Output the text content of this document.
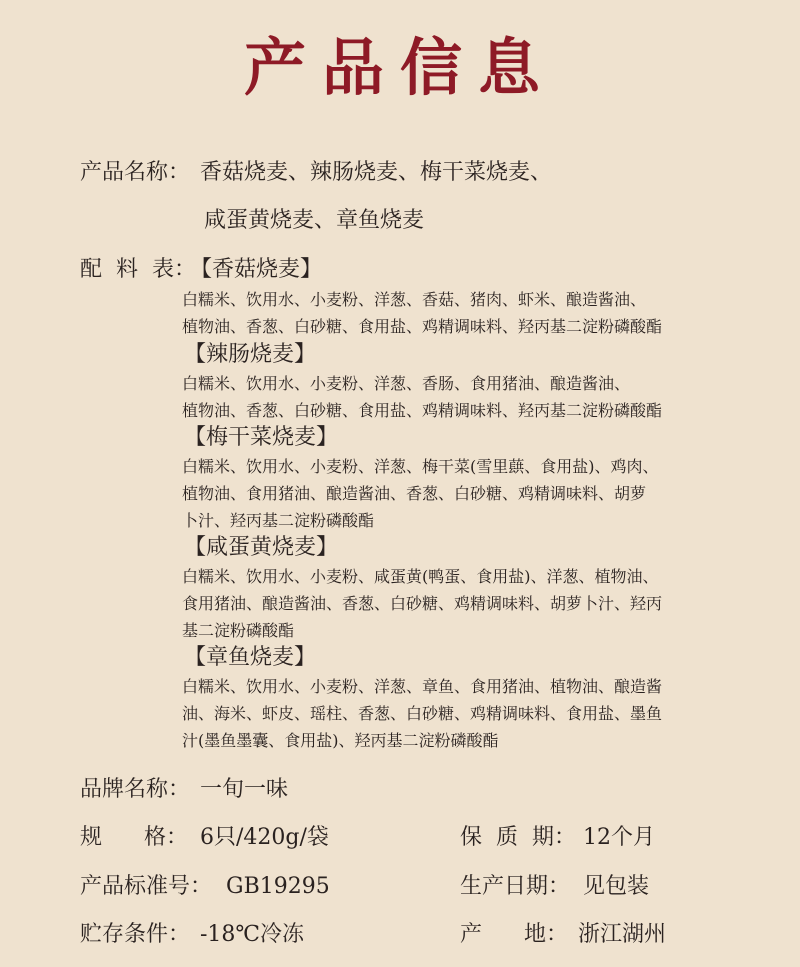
产品信息
产品名称： 香菇烧麦、辣肠烧麦、梅干菜烧麦、
咸蛋黄烧麦、章鱼烧麦
配  料  表：
【香菇烧麦】
白糯米、饮用水、小麦粉、洋葱、香菇、猪肉、虾米、酿造酱油、
植物油、香葱、白砂糖、食用盐、鸡精调味料、羟丙基二淀粉磷酸酯
【辣肠烧麦】
白糯米、饮用水、小麦粉、洋葱、香肠、食用猪油、酿造酱油、
植物油、香葱、白砂糖、食用盐、鸡精调味料、羟丙基二淀粉磷酸酯
【梅干菜烧麦】
白糯米、饮用水、小麦粉、洋葱、梅干菜(雪里蕻、食用盐)、鸡肉、
植物油、食用猪油、酿造酱油、香葱、白砂糖、鸡精调味料、胡萝
卜汁、羟丙基二淀粉磷酸酯
【咸蛋黄烧麦】
白糯米、饮用水、小麦粉、咸蛋黄(鸭蛋、食用盐)、洋葱、植物油、
食用猪油、酿造酱油、香葱、白砂糖、鸡精调味料、胡萝卜汁、羟丙
基二淀粉磷酸酯
【章鱼烧麦】
白糯米、饮用水、小麦粉、洋葱、章鱼、食用猪油、植物油、酿造酱
油、海米、虾皮、瑶柱、香葱、白砂糖、鸡精调味料、食用盐、墨鱼
汁(墨鱼墨囊、食用盐)、羟丙基二淀粉磷酸酯
品牌名称： 一旬一味
规      格： 6只/420g/袋	保  质  期： 12个月
产品标准号： GB19295	生产日期： 见包装
贮存条件： -18℃冷冻	产      地： 浙江湖州
